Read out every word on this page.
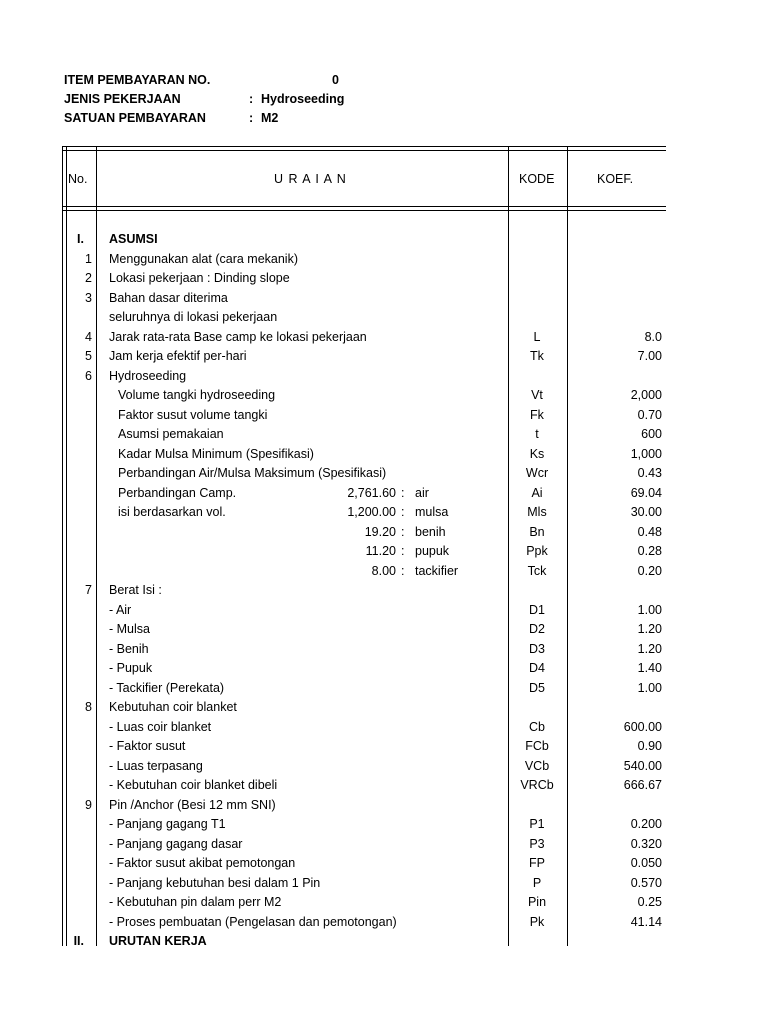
ITEM PEMBAYARAN NO.	0
JENIS PEKERJAAN	: Hydroseeding
SATUAN PEMBAYARAN	: M2
No.	U R A I A N	KODE	KOEF.
I. ASUMSI
1 Menggunakan alat (cara mekanik)
2 Lokasi pekerjaan : Dinding slope
3 Bahan dasar diterima
seluruhnya di lokasi pekerjaan
4 Jarak rata-rata Base camp ke lokasi pekerjaan	L	8.0
5 Jam kerja efektif per-hari	Tk	7.00
6 Hydroseeding
Volume tangki hydroseeding	Vt	2,000
Faktor susut volume tangki	Fk	0.70
Asumsi pemakaian	t	600
Kadar Mulsa Minimum (Spesifikasi)	Ks	1,000
Perbandingan Air/Mulsa Maksimum (Spesifikasi)	Wcr	0.43
Perbandingan Camp.	2,761.60 : air	Ai	69.04
isi berdasarkan vol.	1,200.00 : mulsa	Mls	30.00
19.20 : benih	Bn	0.48
11.20 : pupuk	Ppk	0.28
8.00 : tackifier	Tck	0.20
7 Berat Isi :
- Air	D1	1.00
- Mulsa	D2	1.20
- Benih	D3	1.20
- Pupuk	D4	1.40
- Tackifier (Perekata)	D5	1.00
8 Kebutuhan coir blanket
- Luas coir blanket	Cb	600.00
- Faktor susut	FCb	0.90
- Luas terpasang	VCb	540.00
- Kebutuhan coir blanket dibeli	VRCb	666.67
9 Pin /Anchor (Besi 12 mm SNI)
- Panjang gagang T1	P1	0.200
- Panjang gagang dasar	P3	0.320
- Faktor susut akibat pemotongan	FP	0.050
- Panjang kebutuhan besi dalam 1 Pin	P	0.570
- Kebutuhan pin dalam perr M2	Pin	0.25
- Proses pembuatan (Pengelasan dan pemotongan)	Pk	41.14
II. URUTAN KERJA
